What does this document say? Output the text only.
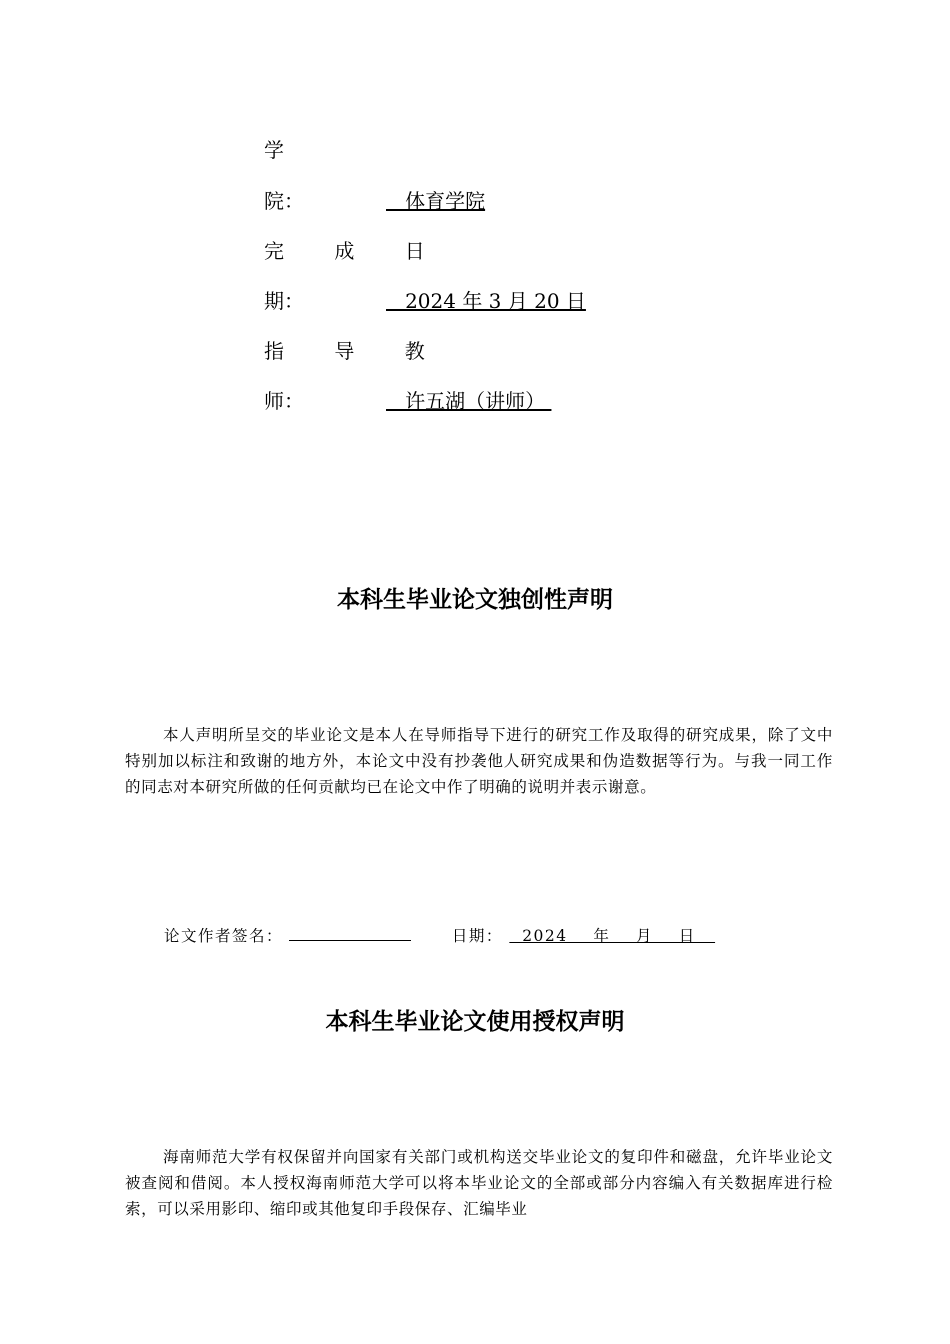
学
院：	体育学院
完 成 日
期：	2024 年 3 月 20 日
指 导 教
师：	许五湖（讲师）
本科生毕业论文独创性声明
本人声明所呈交的毕业论文是本人在导师指导下进行的研究工作及取得的研究成果，除了文中特别加以标注和致谢的地方外，本论文中没有抄袭他人研究成果和伪造数据等行为。与我一同工作的同志对本研究所做的任何贡献均已在论文中作了明确的说明并表示谢意。
论文作者签名：	日期：   2024    年    月    日
本科生毕业论文使用授权声明
海南师范大学有权保留并向国家有关部门或机构送交毕业论文的复印件和磁盘，允许毕业论文被查阅和借阅。本人授权海南师范大学可以将本毕业论文的全部或部分内容编入有关数据库进行检索，可以采用影印、缩印或其他复印手段保存、汇编毕业
